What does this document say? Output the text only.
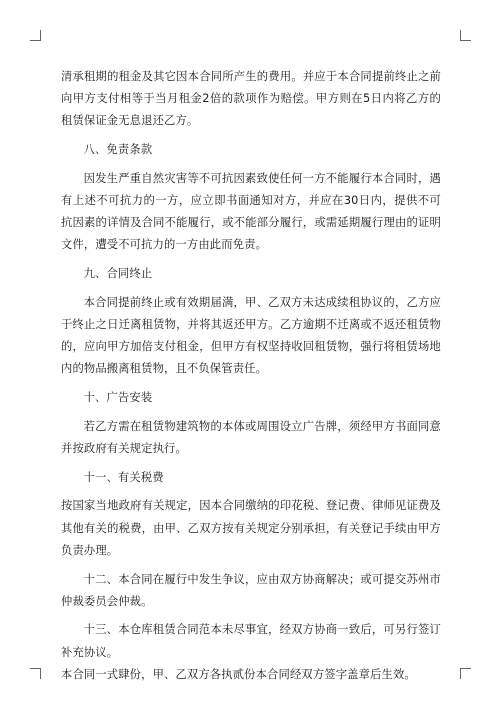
清承租期的租金及其它因本合同所产生的费用。并应于本合同提前终止之前向甲方支付相等于当月租金2倍的款项作为赔偿。甲方则在5日内将乙方的租赁保证金无息退还乙方。

八、免责条款

因发生严重自然灾害等不可抗因素致使任何一方不能履行本合同时，遇有上述不可抗力的一方，应立即书面通知对方，并应在30日内，提供不可抗因素的详情及合同不能履行，或不能部分履行，或需延期履行理由的证明文件，遭受不可抗力的一方由此而免责。

九、合同终止

本合同提前终止或有效期届满，甲、乙双方未达成续租协议的，乙方应于终止之日迁离租赁物，并将其返还甲方。乙方逾期不迁离或不返还租赁物的，应向甲方加倍支付租金，但甲方有权坚持收回租赁物，强行将租赁场地内的物品搬离租赁物，且不负保管责任。

十、广告安装

若乙方需在租赁物建筑物的本体或周围设立广告牌，须经甲方书面同意并按政府有关规定执行。

十一、有关税费

按国家当地政府有关规定，因本合同缴纳的印花税、登记费、律师见证费及其他有关的税费，由甲、乙双方按有关规定分别承担，有关登记手续由甲方负责办理。

十二、本合同在履行中发生争议，应由双方协商解决；或可提交苏州市仲裁委员会仲裁。

十三、本仓库租赁合同范本未尽事宜，经双方协商一致后，可另行签订补充协议。

本合同一式肆份，甲、乙双方各执贰份本合同经双方签字盖章后生效。
